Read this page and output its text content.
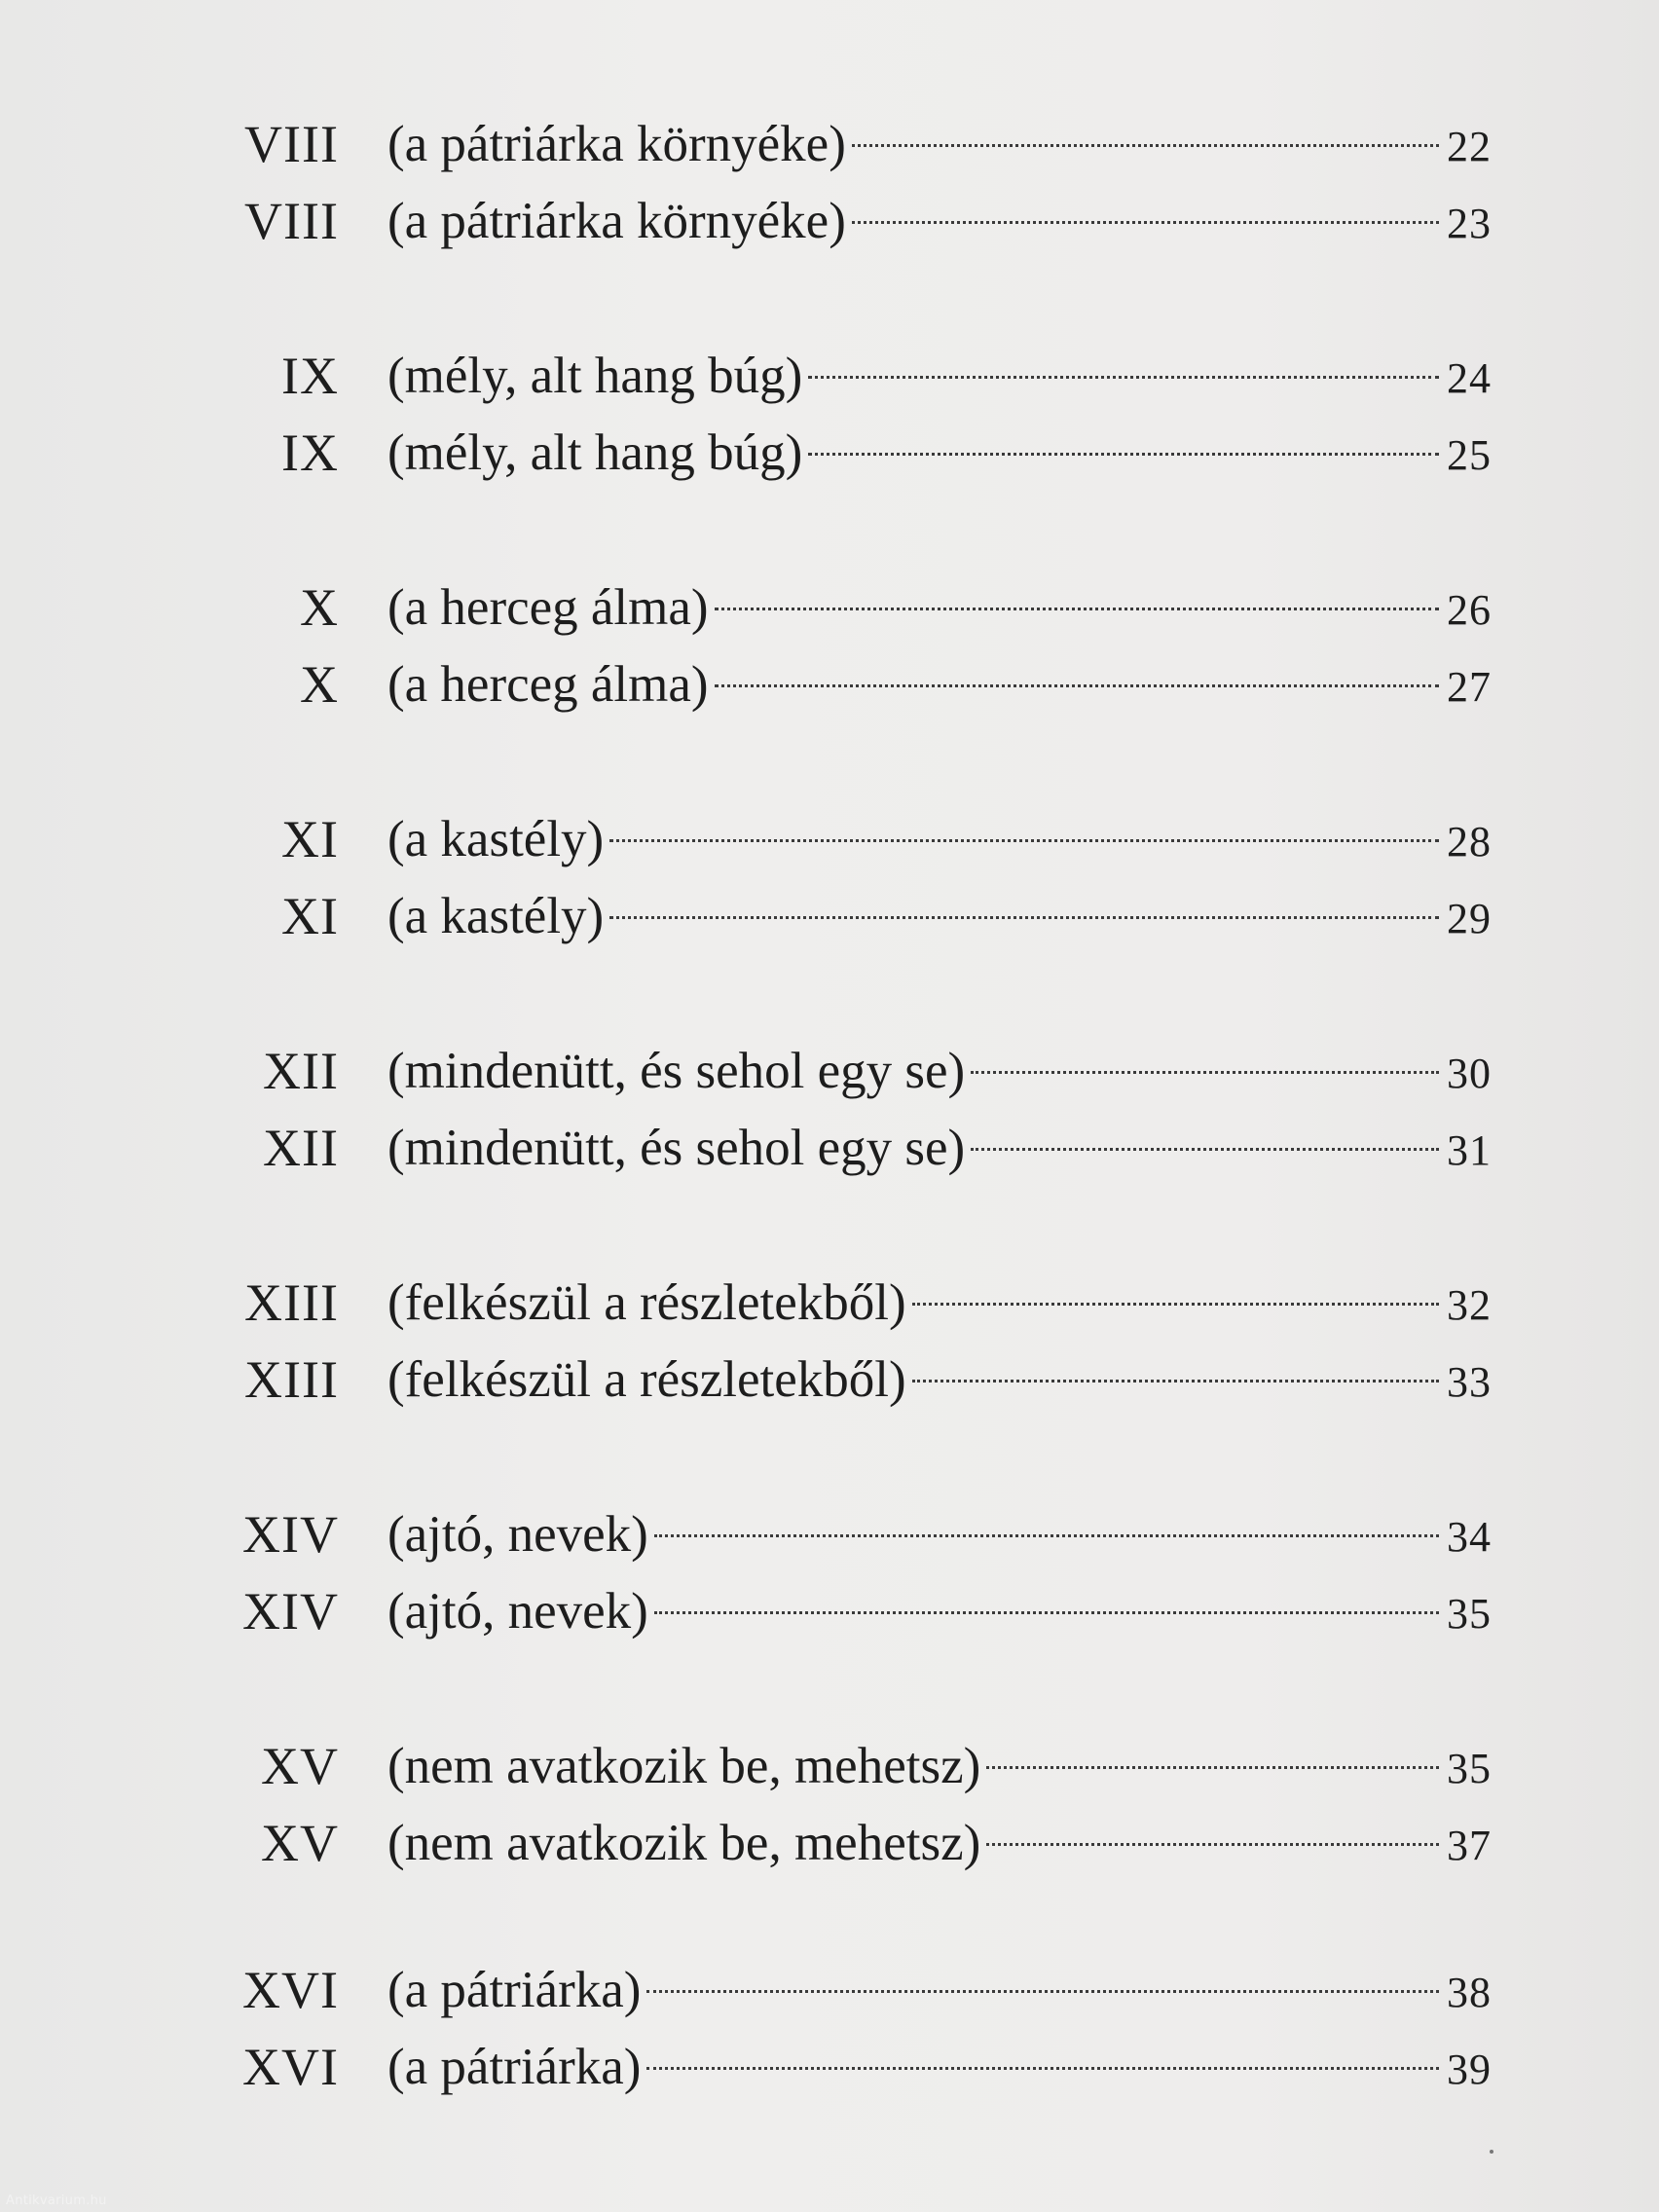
VIII (a pátriárka környéke)	22
VIII (a pátriárka környéke)	23
IX (mély, alt hang búg)	24
IX (mély, alt hang búg)	25
X (a herceg álma)	26
X (a herceg álma)	27
XI (a kastély)	28
XI (a kastély)	29
XII (mindenütt, és sehol egy se)	30
XII (mindenütt, és sehol egy se)	31
XIII (felkészül a részletekből)	32
XIII (felkészül a részletekből)	33
XIV (ajtó, nevek)	34
XIV (ajtó, nevek)	35
XV (nem avatkozik be, mehetsz)	35
XV (nem avatkozik be, mehetsz)	37
XVI (a pátriárka)	38
XVI (a pátriárka)	39
Antikvarium.hu
